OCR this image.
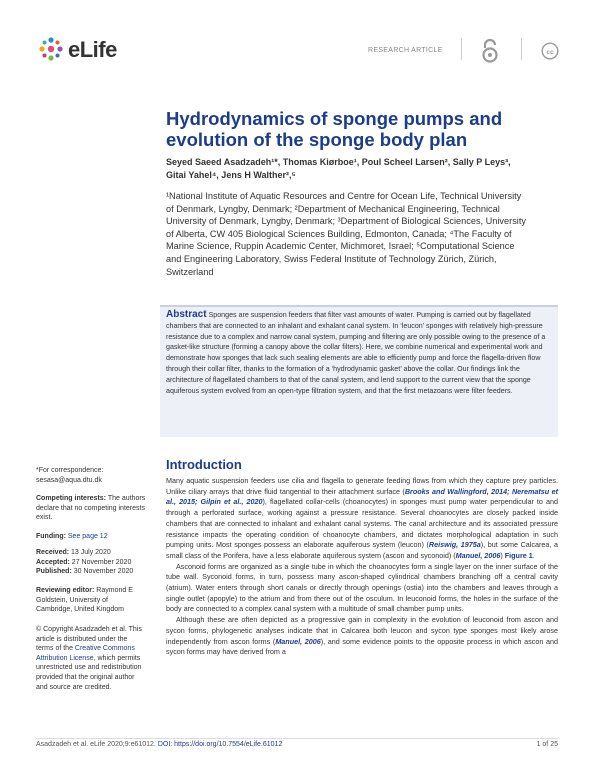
eLife	RESEARCH ARTICLE	cc
Hydrodynamics of sponge pumps and evolution of the sponge body plan
Seyed Saeed Asadzadeh¹*, Thomas Kiørboe¹, Poul Scheel Larsen², Sally P Leys³,
Gitai Yahel⁴, Jens H Walther²,⁵
¹National Institute of Aquatic Resources and Centre for Ocean Life, Technical University of Denmark, Lyngby, Denmark; ²Department of Mechanical Engineering, Technical University of Denmark, Lyngby, Denmark; ³Department of Biological Sciences, University of Alberta, CW 405 Biological Sciences Building, Edmonton, Canada; ⁴The Faculty of Marine Science, Ruppin Academic Center, Michmoret, Israel; ⁵Computational Science and Engineering Laboratory, Swiss Federal Institute of Technology Zürich, Zürich, Switzerland
Abstract Sponges are suspension feeders that filter vast amounts of water. Pumping is carried out by flagellated chambers that are connected to an inhalant and exhalant canal system. In ‘leucon’ sponges with relatively high-pressure resistance due to a complex and narrow canal system, pumping and filtering are only possible owing to the presence of a gasket-like structure (forming a canopy above the collar filters). Here, we combine numerical and experimental work and demonstrate how sponges that lack such sealing elements are able to efficiently pump and force the flagella-driven flow through their collar filter, thanks to the formation of a ‘hydrodynamic gasket’ above the collar. Our findings link the architecture of flagellated chambers to that of the canal system, and lend support to the current view that the sponge aquiferous system evolved from an open-type filtration system, and that the first metazoans were filter feeders.
*For correspondence:
sesasa@aqua.dtu.dk
Competing interests: The authors declare that no competing interests exist.
Funding: See page 12
Received: 13 July 2020
Accepted: 27 November 2020
Published: 30 November 2020
Reviewing editor: Raymond E Goldstein, University of Cambridge, United Kingdom
© Copyright Asadzadeh et al. This article is distributed under the terms of the Creative Commons Attribution License, which permits unrestricted use and redistribution provided that the original author and source are credited.
Introduction

Many aquatic suspension feeders use cilia and flagella to generate feeding flows from which they capture prey particles. Unlike ciliary arrays that drive fluid tangential to their attachment surface (Brooks and Wallingford, 2014; Nerematsu et al., 2015; Gilpin et al., 2020), flagellated collar-cells (choanocytes) in sponges must pump water perpendicular to and through a perforated surface, working against a pressure resistance. Several choanocytes are closely packed inside chambers that are connected to inhalant and exhalant canal systems. The canal architecture and its associated pressure resistance impacts the operating condition of choanocyte chambers, and dictates morphological adaptation in such pumping units. Most sponges possess an elaborate aquiferous system (leucon) (Reiswig, 1975a), but some Calcarea, a small class of the Porifera, have a less elaborate aquiferous system (ascon and syconoid) (Manuel, 2006) Figure 1.

Asconoid forms are organized as a single tube in which the choanocytes form a single layer on the inner surface of the tube wall. Syconoid forms, in turn, possess many ascon-shaped cylindrical chambers branching off a central cavity (atrium). Water enters through short canals or directly through openings (ostia) into the chambers and leaves through a single outlet (apopyle) to the atrium and from there out of the osculum. In leuconoid forms, the holes in the surface of the body are connected to a complex canal system with a multitude of small chamber pump units.

Although these are often depicted as a progressive gain in complexity in the evolution of leuconoid from ascon and sycon forms, phylogenetic analyses indicate that in Calcarea both leucon and sycon type sponges most likely arose independently from ascon forms (Manuel, 2006), and some evidence points to the opposite process in which ascon and sycon forms may have derived from a

Asadzadeh et al. eLife 2020;9:e61012. DOI: https://doi.org/10.7554/eLife.61012	1 of 25
